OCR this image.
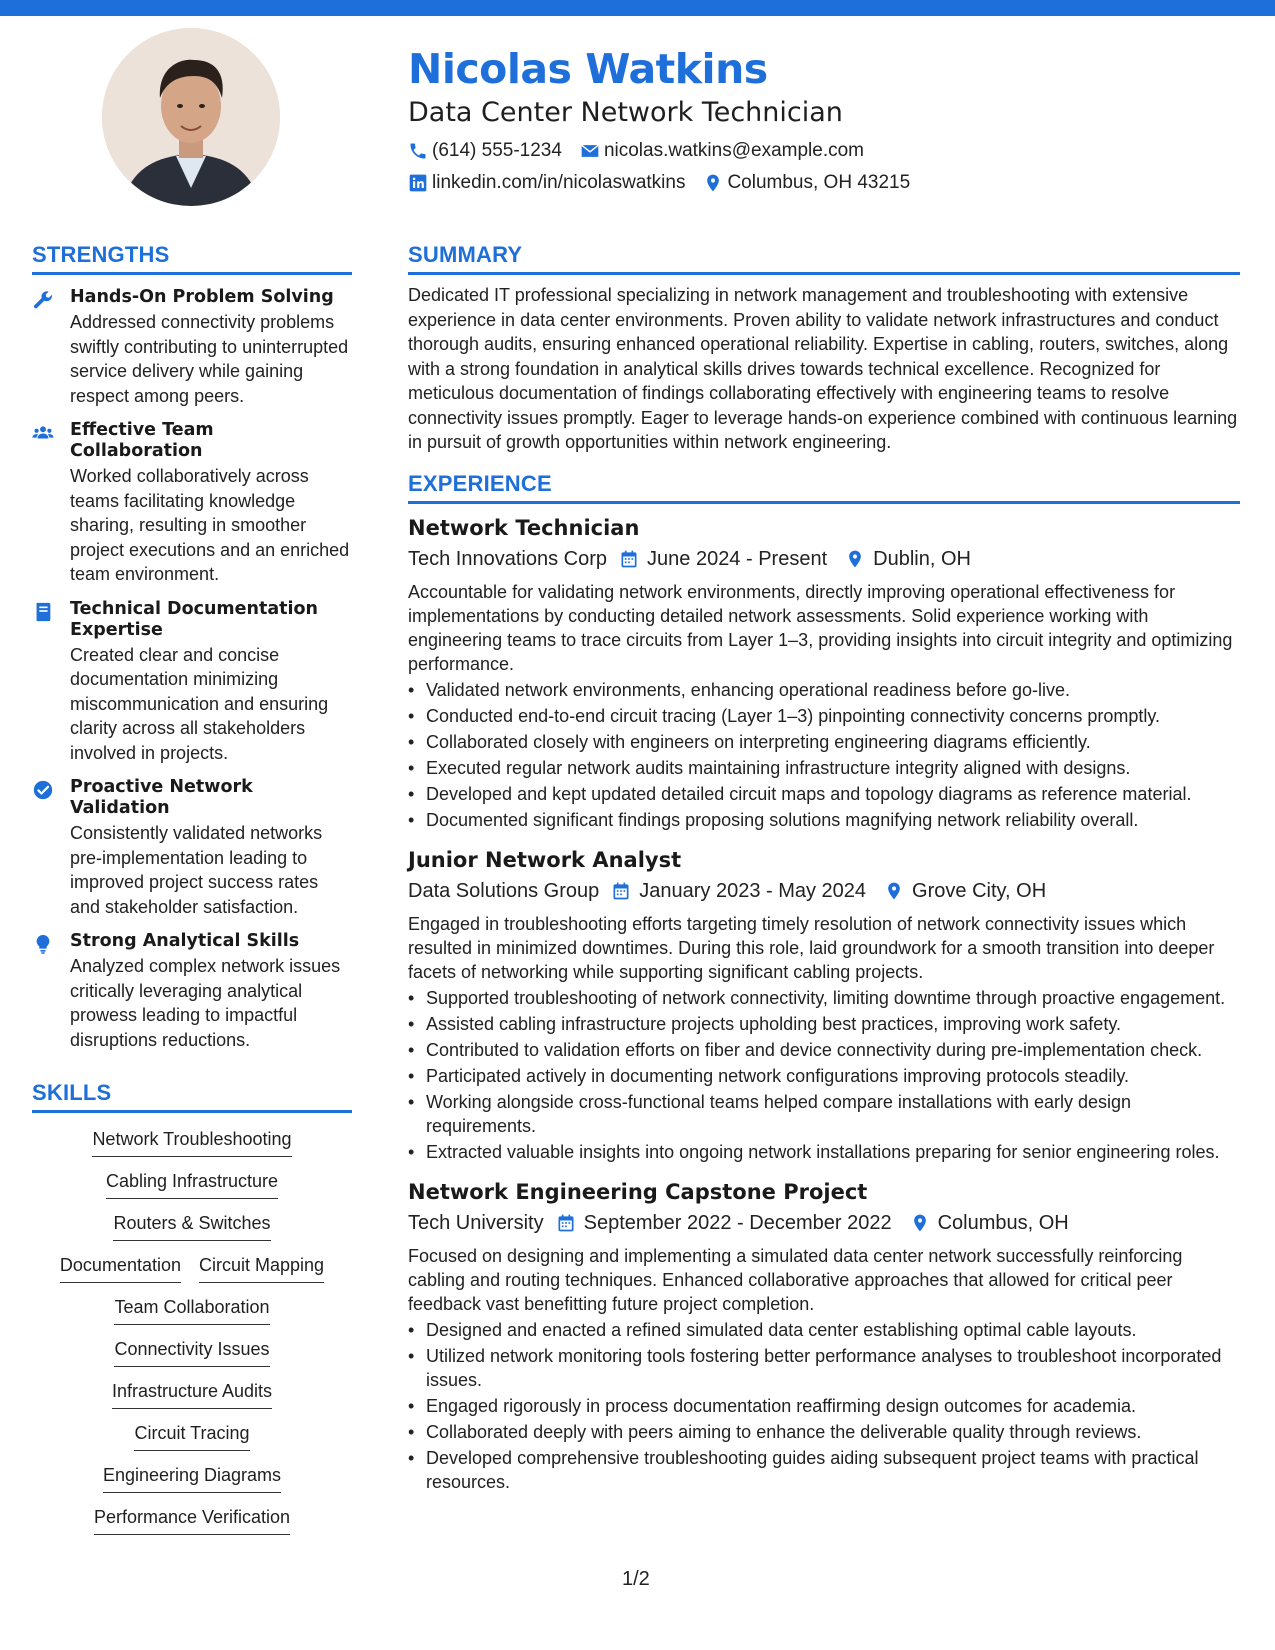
Nicolas Watkins
Data Center Network Technician
(614) 555-1234 nicolas.watkins@example.com
linkedin.com/in/nicolaswatkins Columbus, OH 43215
STRENGTHS
Hands-On Problem Solving
Addressed connectivity problems swiftly contributing to uninterrupted service delivery while gaining respect among peers.
Effective Team Collaboration
Worked collaboratively across teams facilitating knowledge sharing, resulting in smoother project executions and an enriched team environment.
Technical Documentation Expertise
Created clear and concise documentation minimizing miscommunication and ensuring clarity across all stakeholders involved in projects.
Proactive Network Validation
Consistently validated networks pre-implementation leading to improved project success rates and stakeholder satisfaction.
Strong Analytical Skills
Analyzed complex network issues critically leveraging analytical prowess leading to impactful disruptions reductions.
SKILLS
Network Troubleshooting
Cabling Infrastructure
Routers & Switches
Documentation Circuit Mapping
Team Collaboration
Connectivity Issues
Infrastructure Audits
Circuit Tracing
Engineering Diagrams
Performance Verification
SUMMARY
Dedicated IT professional specializing in network management and troubleshooting with extensive experience in data center environments. Proven ability to validate network infrastructures and conduct thorough audits, ensuring enhanced operational reliability. Expertise in cabling, routers, switches, along with a strong foundation in analytical skills drives towards technical excellence. Recognized for meticulous documentation of findings collaborating effectively with engineering teams to resolve connectivity issues promptly. Eager to leverage hands-on experience combined with continuous learning in pursuit of growth opportunities within network engineering.
EXPERIENCE
Network Technician
Tech Innovations Corp June 2024 - Present Dublin, OH
Accountable for validating network environments, directly improving operational effectiveness for implementations by conducting detailed network assessments. Solid experience working with engineering teams to trace circuits from Layer 1–3, providing insights into circuit integrity and optimizing performance.
• Validated network environments, enhancing operational readiness before go-live.
• Conducted end-to-end circuit tracing (Layer 1–3) pinpointing connectivity concerns promptly.
• Collaborated closely with engineers on interpreting engineering diagrams efficiently.
• Executed regular network audits maintaining infrastructure integrity aligned with designs.
• Developed and kept updated detailed circuit maps and topology diagrams as reference material.
• Documented significant findings proposing solutions magnifying network reliability overall.
Junior Network Analyst
Data Solutions Group January 2023 - May 2024 Grove City, OH
Engaged in troubleshooting efforts targeting timely resolution of network connectivity issues which resulted in minimized downtimes. During this role, laid groundwork for a smooth transition into deeper facets of networking while supporting significant cabling projects.
• Supported troubleshooting of network connectivity, limiting downtime through proactive engagement.
• Assisted cabling infrastructure projects upholding best practices, improving work safety.
• Contributed to validation efforts on fiber and device connectivity during pre-implementation check.
• Participated actively in documenting network configurations improving protocols steadily.
• Working alongside cross-functional teams helped compare installations with early design requirements.
• Extracted valuable insights into ongoing network installations preparing for senior engineering roles.
Network Engineering Capstone Project
Tech University September 2022 - December 2022 Columbus, OH
Focused on designing and implementing a simulated data center network successfully reinforcing cabling and routing techniques. Enhanced collaborative approaches that allowed for critical peer feedback vast benefitting future project completion.
• Designed and enacted a refined simulated data center establishing optimal cable layouts.
• Utilized network monitoring tools fostering better performance analyses to troubleshoot incorporated issues.
• Engaged rigorously in process documentation reaffirming design outcomes for academia.
• Collaborated deeply with peers aiming to enhance the deliverable quality through reviews.
• Developed comprehensive troubleshooting guides aiding subsequent project teams with practical resources.
1/2
